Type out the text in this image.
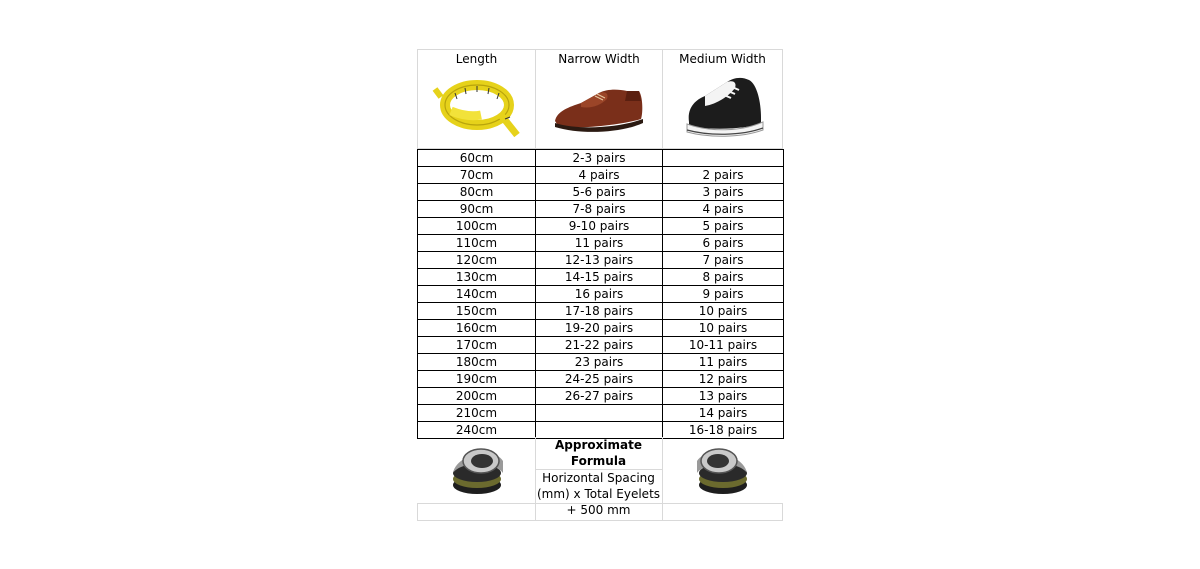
Length	Narrow Width	Medium Width
60cm	2-3 pairs	
70cm	4 pairs	2 pairs
80cm	5-6 pairs	3 pairs
90cm	7-8 pairs	4 pairs
100cm	9-10 pairs	5 pairs
110cm	11 pairs	6 pairs
120cm	12-13 pairs	7 pairs
130cm	14-15 pairs	8 pairs
140cm	16 pairs	9 pairs
150cm	17-18 pairs	10 pairs
160cm	19-20 pairs	10 pairs
170cm	21-22 pairs	10-11 pairs
180cm	23 pairs	11 pairs
190cm	24-25 pairs	12 pairs
200cm	26-27 pairs	13 pairs
210cm		14 pairs
240cm		16-18 pairs
Approximate Formula
Horizontal Spacing
(mm) x Total Eyelets
+ 500 mm
